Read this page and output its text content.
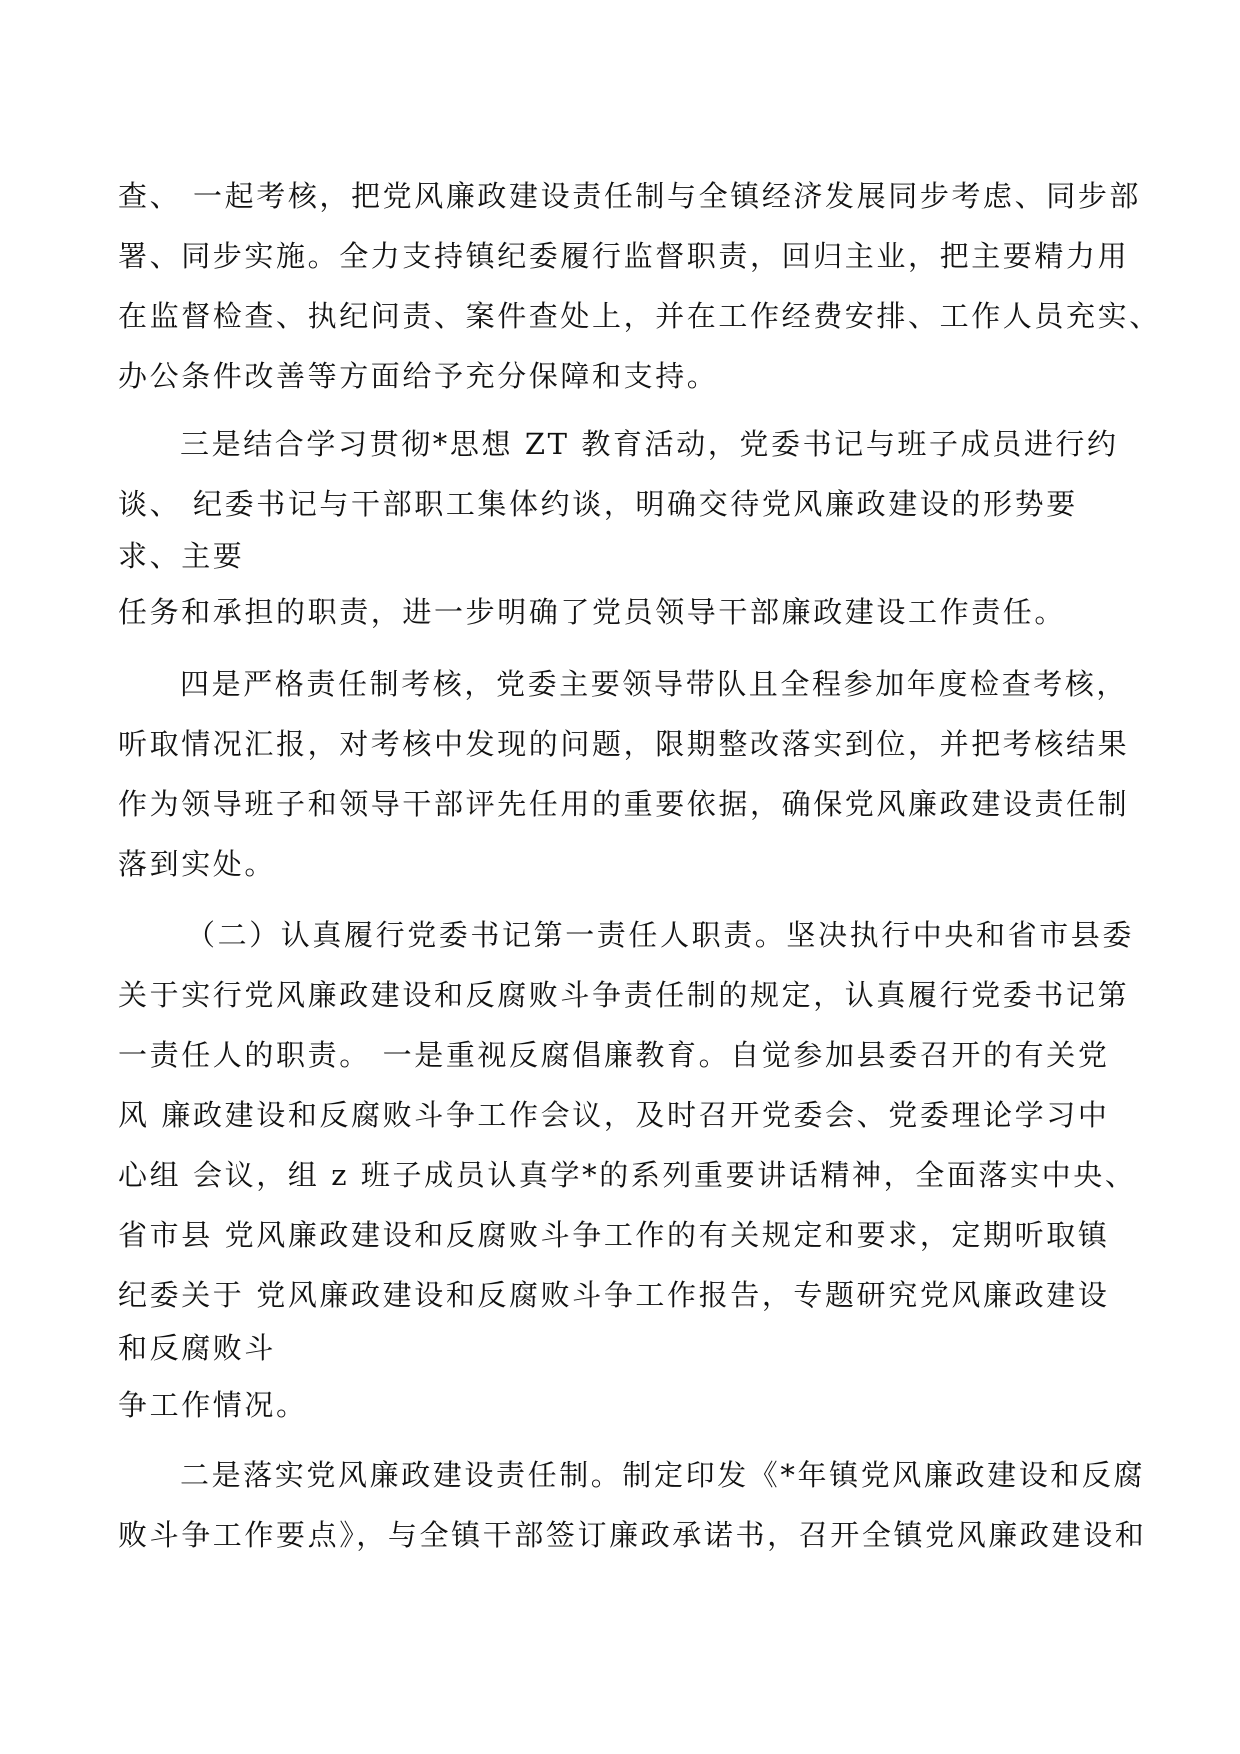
查、 一起考核，把党风廉政建设责任制与全镇经济发展同步考虑、同步部
署、同步实施。全力支持镇纪委履行监督职责，回归主业，把主要精力用
在监督检查、执纪问责、案件查处上，并在工作经费安排、工作人员充实、
办公条件改善等方面给予充分保障和支持。
三是结合学习贯彻*思想 ZT 教育活动，党委书记与班子成员进行约
谈、 纪委书记与干部职工集体约谈，明确交待党风廉政建设的形势要
求、主要
任务和承担的职责，进一步明确了党员领导干部廉政建设工作责任。
四是严格责任制考核，党委主要领导带队且全程参加年度检查考核，
听取情况汇报，对考核中发现的问题，限期整改落实到位，并把考核结果
作为领导班子和领导干部评先任用的重要依据，确保党风廉政建设责任制
落到实处。
（二）认真履行党委书记第一责任人职责。坚决执行中央和省市县委
关于实行党风廉政建设和反腐败斗争责任制的规定，认真履行党委书记第
一责任人的职责。 一是重视反腐倡廉教育。自觉参加县委召开的有关党
风 廉政建设和反腐败斗争工作会议，及时召开党委会、党委理论学习中
心组 会议，组 z 班子成员认真学*的系列重要讲话精神，全面落实中央、
省市县 党风廉政建设和反腐败斗争工作的有关规定和要求，定期听取镇
纪委关于 党风廉政建设和反腐败斗争工作报告，专题研究党风廉政建设
和反腐败斗
争工作情况。
二是落实党风廉政建设责任制。制定印发《*年镇党风廉政建设和反腐
败斗争工作要点》，与全镇干部签订廉政承诺书，召开全镇党风廉政建设和
